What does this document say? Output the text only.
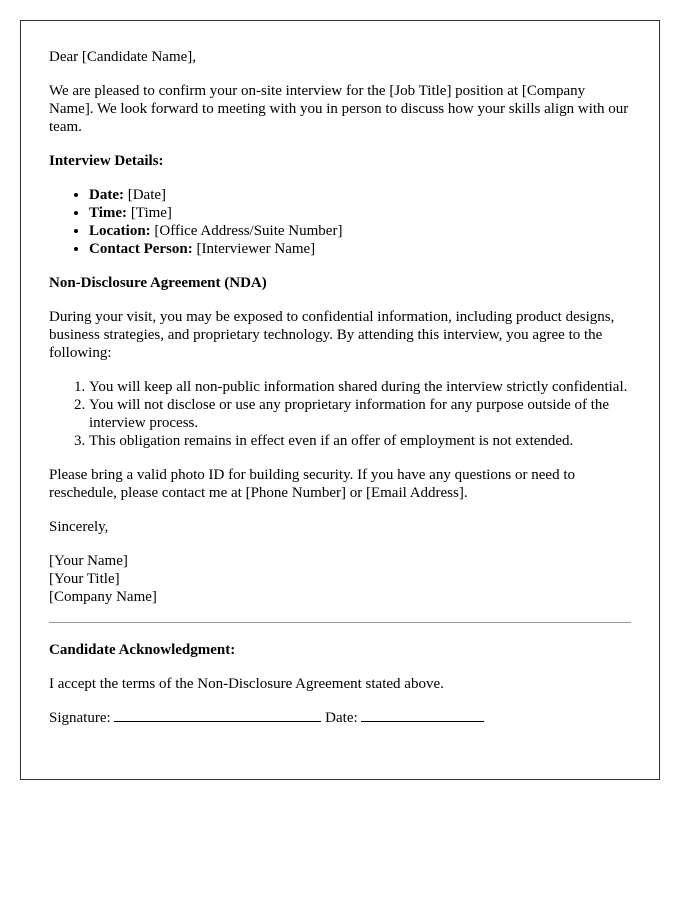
Dear [Candidate Name],

We are pleased to confirm your on-site interview for the [Job Title] position at [Company Name]. We look forward to meeting with you in person to discuss how your skills align with our team.

Interview Details:

• Date: [Date]
• Time: [Time]
• Location: [Office Address/Suite Number]
• Contact Person: [Interviewer Name]

Non-Disclosure Agreement (NDA)

During your visit, you may be exposed to confidential information, including product designs, business strategies, and proprietary technology. By attending this interview, you agree to the following:

1. You will keep all non-public information shared during the interview strictly confidential.
2. You will not disclose or use any proprietary information for any purpose outside of the interview process.
3. This obligation remains in effect even if an offer of employment is not extended.

Please bring a valid photo ID for building security. If you have any questions or need to reschedule, please contact me at [Phone Number] or [Email Address].

Sincerely,

[Your Name]
[Your Title]
[Company Name]

Candidate Acknowledgment:

I accept the terms of the Non-Disclosure Agreement stated above.

Signature:	Date:
